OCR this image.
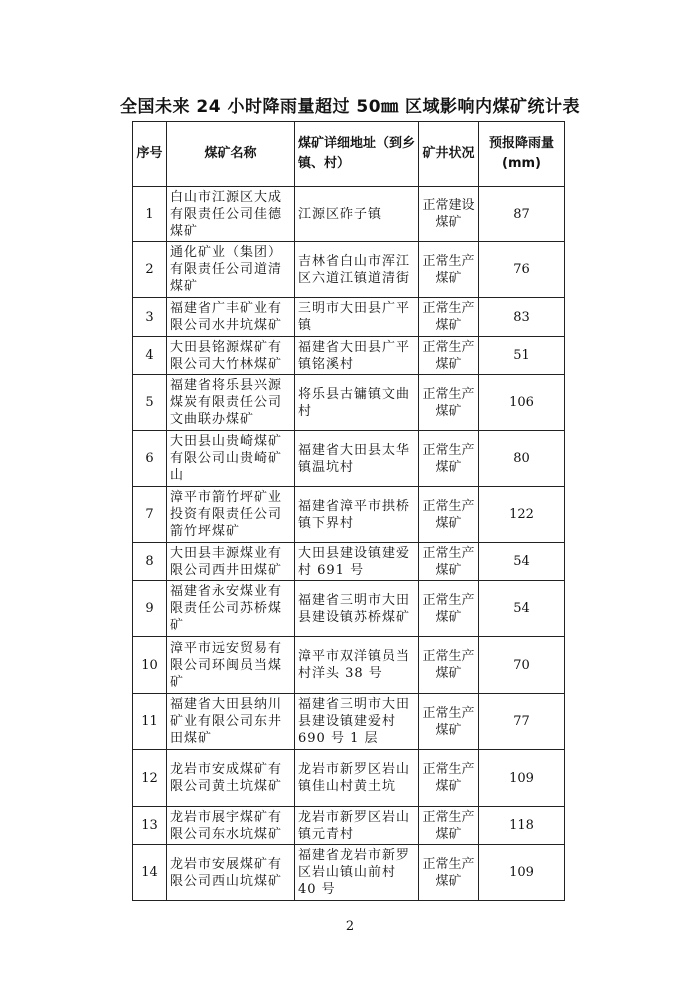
全国未来 24 小时降雨量超过 50㎜ 区域影响内煤矿统计表
序号	煤矿名称	煤矿详细地址（到乡镇、村）	矿井状况	预报降雨量(mm)
1	白山市江源区大成有限责任公司佳德煤矿	江源区砟子镇	正常建设煤矿	87
2	通化矿业（集团）有限责任公司道清煤矿	吉林省白山市浑江区六道江镇道清街	正常生产煤矿	76
3	福建省广丰矿业有限公司水井坑煤矿	三明市大田县广平镇	正常生产煤矿	83
4	大田县铭源煤矿有限公司大竹林煤矿	福建省大田县广平镇铭溪村	正常生产煤矿	51
5	福建省将乐县兴源煤炭有限责任公司文曲联办煤矿	将乐县古镛镇文曲村	正常生产煤矿	106
6	大田县山贵崎煤矿有限公司山贵崎矿山	福建省大田县太华镇温坑村	正常生产煤矿	80
7	漳平市箭竹坪矿业投资有限责任公司箭竹坪煤矿	福建省漳平市拱桥镇下界村	正常生产煤矿	122
8	大田县丰源煤业有限公司西井田煤矿	大田县建设镇建爱村 691 号	正常生产煤矿	54
9	福建省永安煤业有限责任公司苏桥煤矿	福建省三明市大田县建设镇苏桥煤矿	正常生产煤矿	54
10	漳平市远安贸易有限公司环闽员当煤矿	漳平市双洋镇员当村洋头 38 号	正常生产煤矿	70
11	福建省大田县纳川矿业有限公司东井田煤矿	福建省三明市大田县建设镇建爱村 690 号 1 层	正常生产煤矿	77
12	龙岩市安成煤矿有限公司黄土坑煤矿	龙岩市新罗区岩山镇佳山村黄土坑	正常生产煤矿	109
13	龙岩市展宇煤矿有限公司东水坑煤矿	龙岩市新罗区岩山镇元青村	正常生产煤矿	118
14	龙岩市安展煤矿有限公司西山坑煤矿	福建省龙岩市新罗区岩山镇山前村 40 号	正常生产煤矿	109
2
